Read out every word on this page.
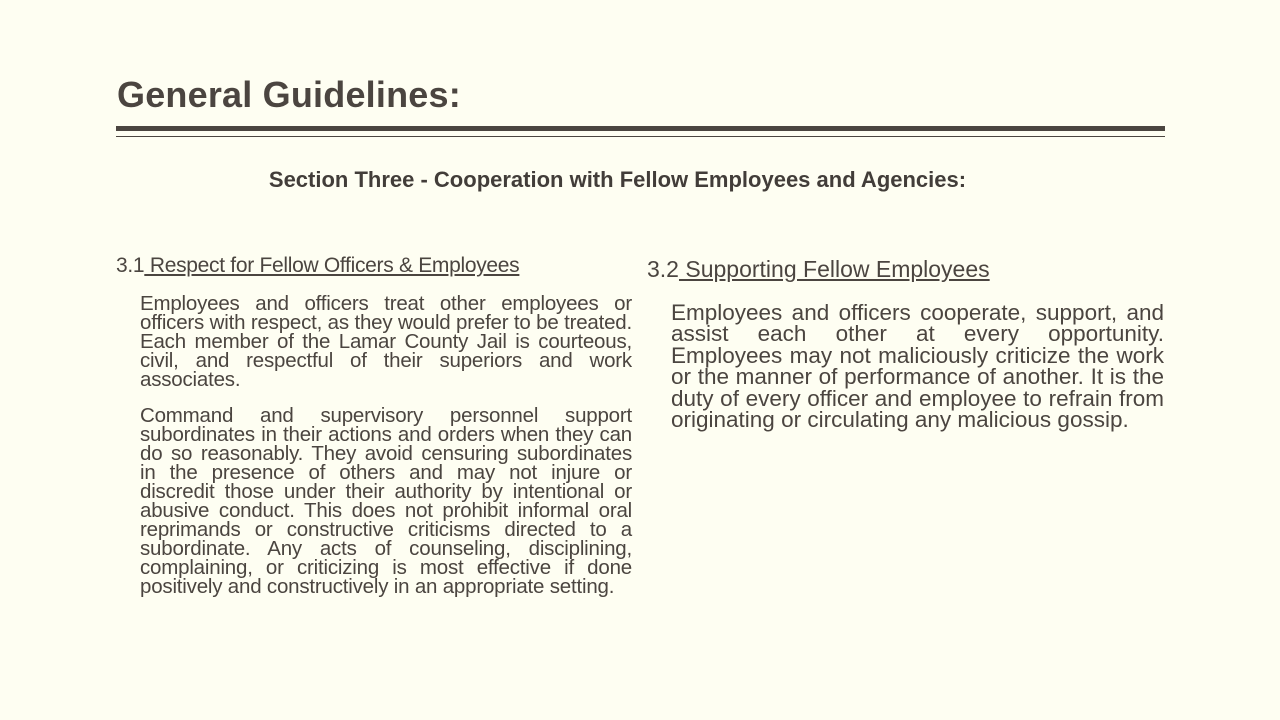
General Guidelines:
Section Three - Cooperation with Fellow Employees and Agencies:
3.1 Respect for Fellow Officers & Employees

Employees and officers treat other employees or officers with respect, as they would prefer to be treated. Each member of the Lamar County Jail is courteous, civil, and respectful of their superiors and work associates.

Command and supervisory personnel support subordinates in their actions and orders when they can do so reasonably. They avoid censuring subordinates in the presence of others and may not injure or discredit those under their authority by intentional or abusive conduct. This does not prohibit informal oral reprimands or constructive criticisms directed to a subordinate. Any acts of counseling, disciplining, complaining, or criticizing is most effective if done positively and constructively in an appropriate setting.

3.2 Supporting Fellow Employees

Employees and officers cooperate, support, and assist each other at every opportunity. Employees may not maliciously criticize the work or the manner of performance of another. It is the duty of every officer and employee to refrain from originating or circulating any malicious gossip.
